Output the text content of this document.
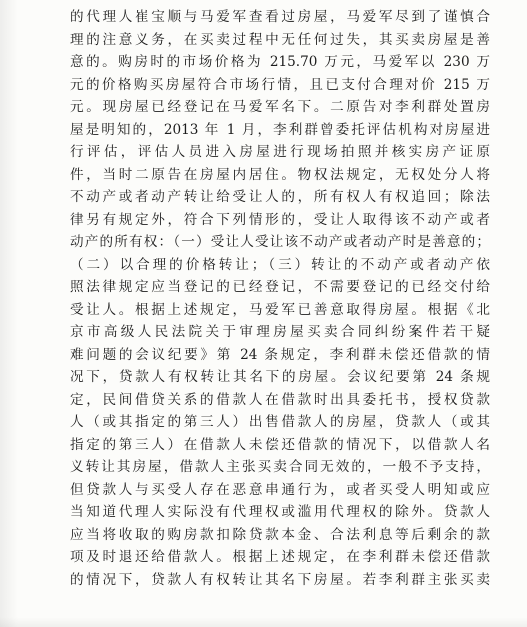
的代理人崔宝顺与马爱军查看过房屋，马爱军尽到了谨慎合
理的注意义务，在买卖过程中无任何过失，其买卖房屋是善
意的。购房时的市场价格为 215.70 万元，马爱军以 230 万
元的价格购买房屋符合市场行情，且已支付合理对价 215 万
元。现房屋已经登记在马爱军名下。二原告对李利群处置房
屋是明知的，2013 年 1 月，李利群曾委托评估机构对房屋进
行评估，评估人员进入房屋进行现场拍照并核实房产证原
件，当时二原告在房屋内居住。物权法规定，无权处分人将
不动产或者动产转让给受让人的，所有权人有权追回；除法
律另有规定外，符合下列情形的，受让人取得该不动产或者
动产的所有权：（一）受让人受让该不动产或者动产时是善意的；
（二）以合理的价格转让；（三）转让的不动产或者动产依
照法律规定应当登记的已经登记，不需要登记的已经交付给
受让人。根据上述规定，马爱军已善意取得房屋。根据《北
京市高级人民法院关于审理房屋买卖合同纠纷案件若干疑
难问题的会议纪要》第 24 条规定，李利群未偿还借款的情
况下，贷款人有权转让其名下的房屋。会议纪要第 24 条规
定，民间借贷关系的借款人在借款时出具委托书，授权贷款
人（或其指定的第三人）出售借款人的房屋，贷款人（或其
指定的第三人）在借款人未偿还借款的情况下，以借款人名
义转让其房屋，借款人主张买卖合同无效的，一般不予支持，
但贷款人与买受人存在恶意串通行为，或者买受人明知或应
当知道代理人实际没有代理权或滥用代理权的除外。贷款人
应当将收取的购房款扣除贷款本金、合法利息等后剩余的款
项及时退还给借款人。根据上述规定，在李利群未偿还借款
的情况下，贷款人有权转让其名下房屋。若李利群主张买卖
